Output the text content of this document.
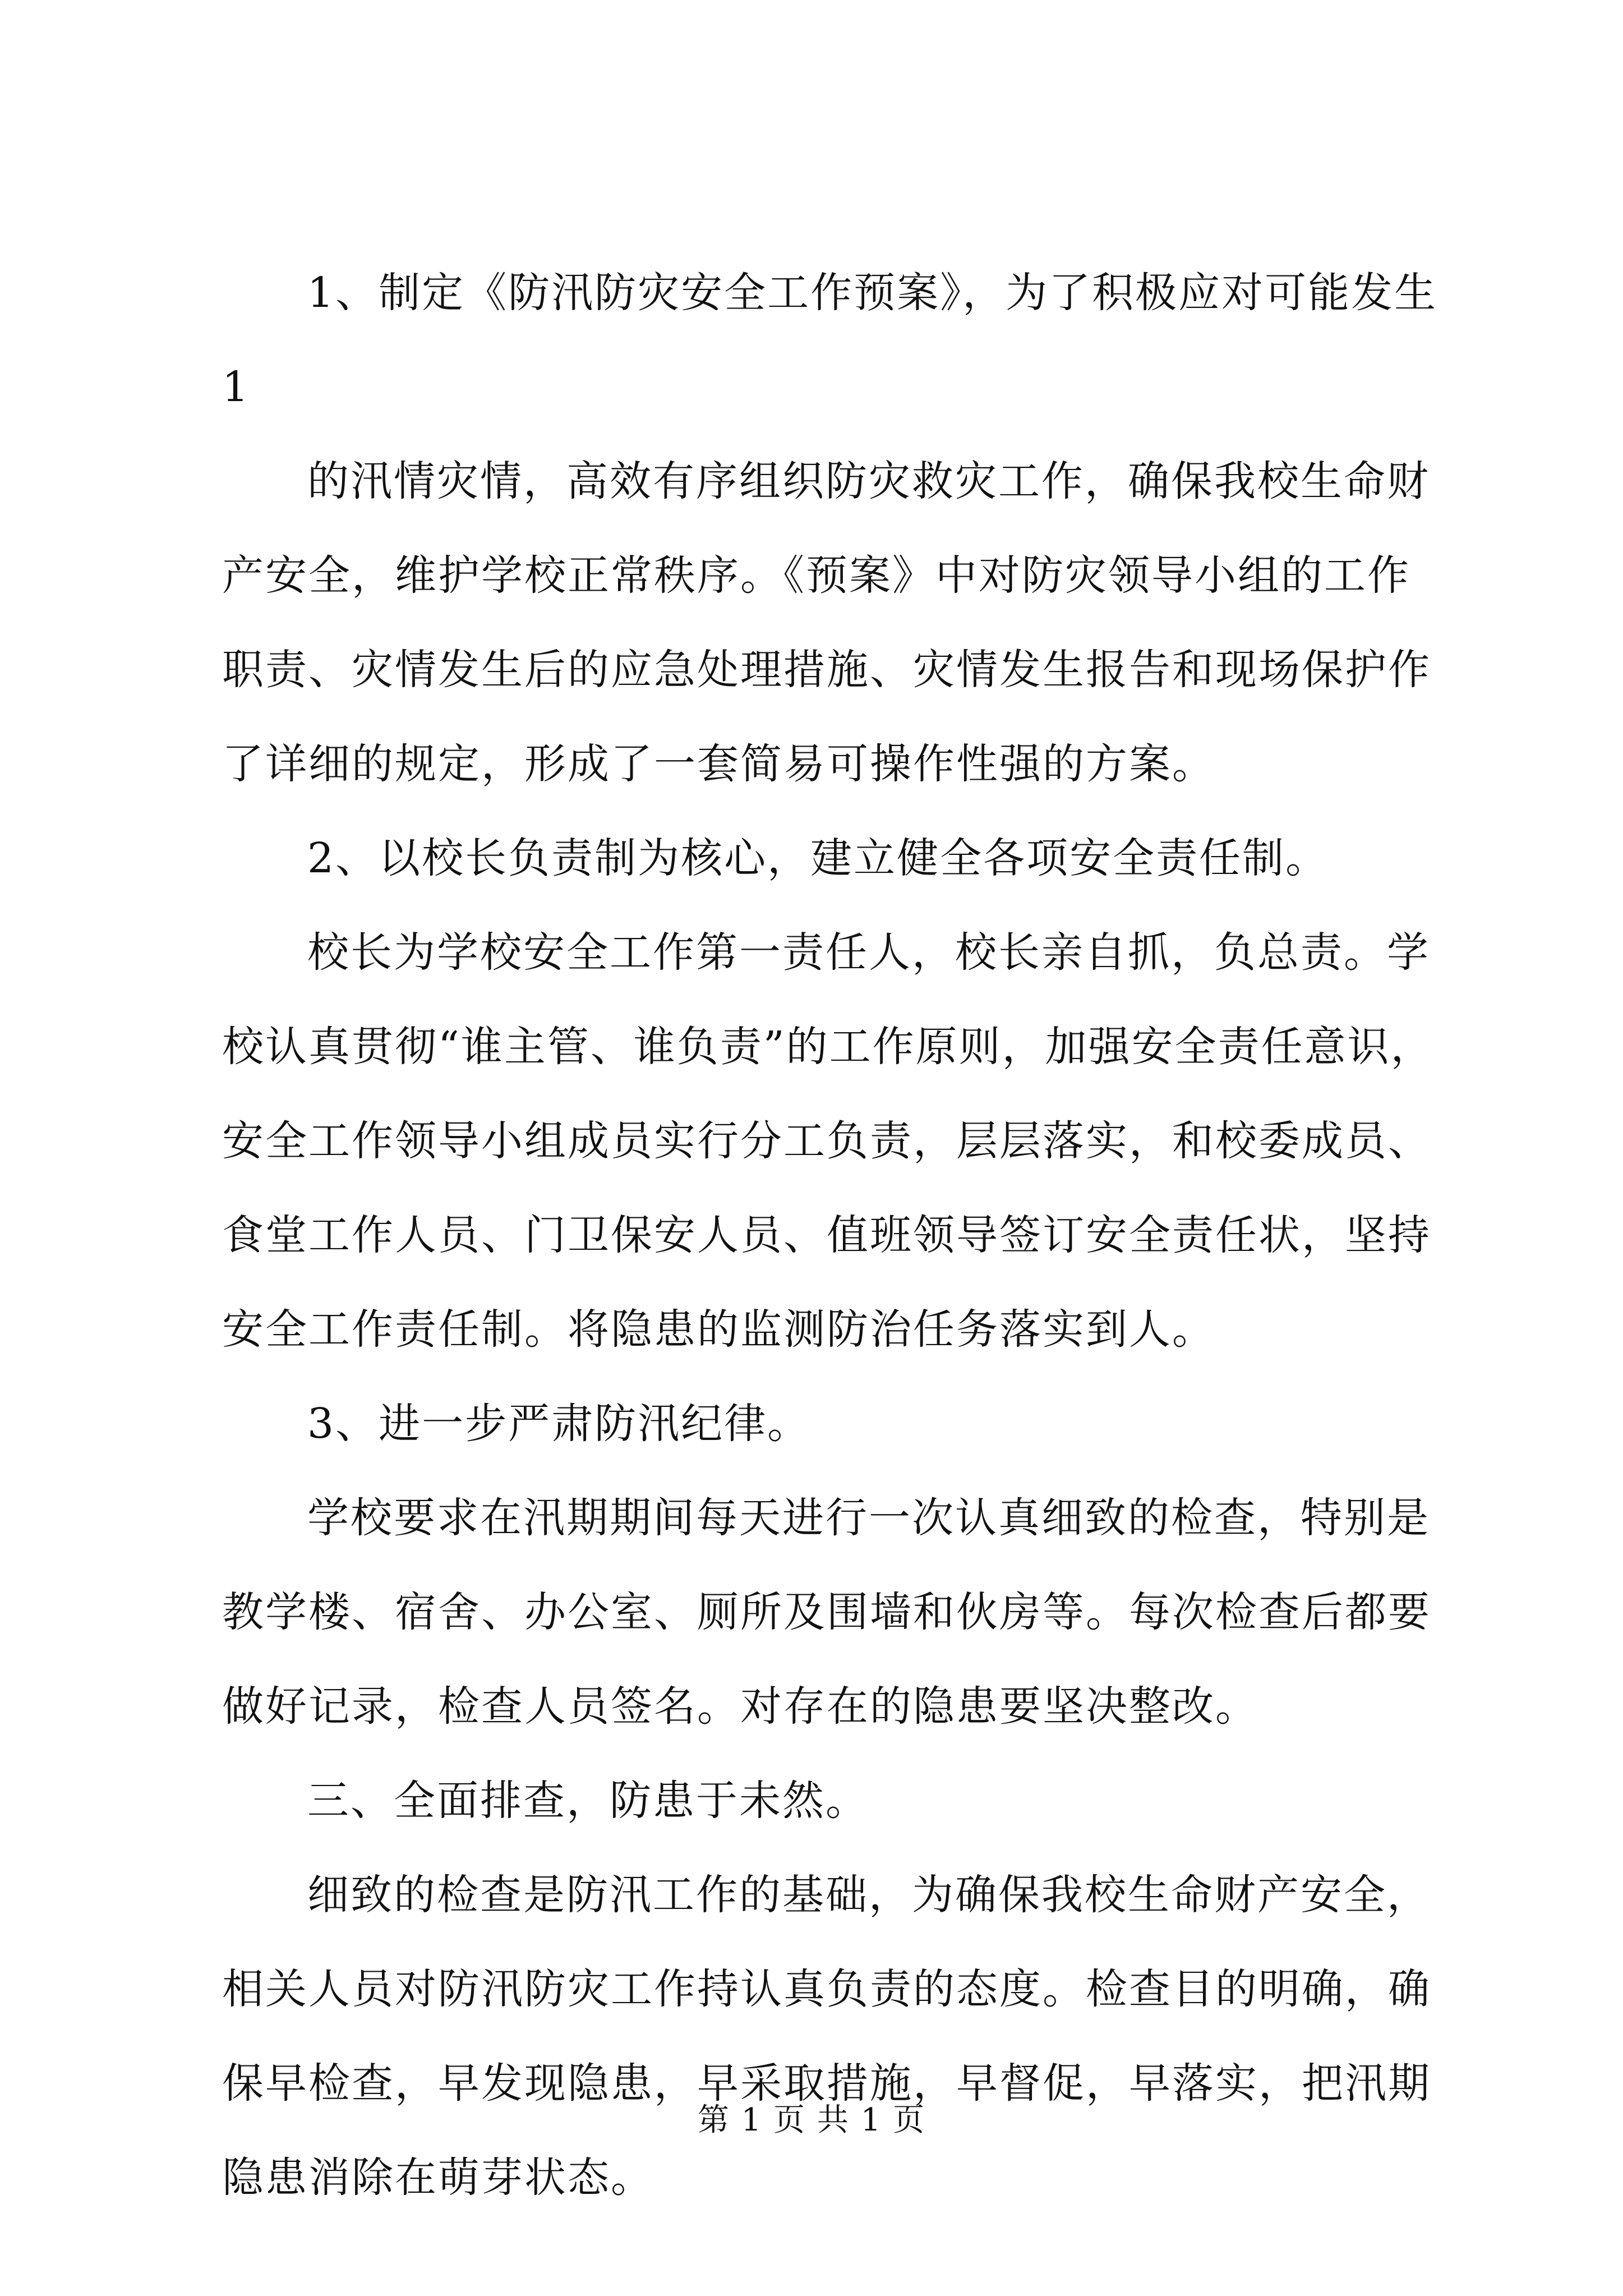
1、制定《防汛防灾安全工作预案》，为了积极应对可能发生
1
的汛情灾情，高效有序组织防灾救灾工作，确保我校生命财
产安全，维护学校正常秩序。《预案》中对防灾领导小组的工作
职责、灾情发生后的应急处理措施、灾情发生报告和现场保护作
了详细的规定，形成了一套简易可操作性强的方案。
2、以校长负责制为核心，建立健全各项安全责任制。
校长为学校安全工作第一责任人，校长亲自抓，负总责。学
校认真贯彻“谁主管、谁负责”的工作原则，加强安全责任意识，
安全工作领导小组成员实行分工负责，层层落实，和校委成员、
食堂工作人员、门卫保安人员、值班领导签订安全责任状，坚持
安全工作责任制。将隐患的监测防治任务落实到人。
3、进一步严肃防汛纪律。
学校要求在汛期期间每天进行一次认真细致的检查，特别是
教学楼、宿舍、办公室、厕所及围墙和伙房等。每次检查后都要
做好记录，检查人员签名。对存在的隐患要坚决整改。
三、全面排查，防患于未然。
细致的检查是防汛工作的基础，为确保我校生命财产安全，
相关人员对防汛防灾工作持认真负责的态度。检查目的明确，确
保早检查，早发现隐患，早采取措施，早督促，早落实，把汛期
隐患消除在萌芽状态。
第 1 页 共 1 页
